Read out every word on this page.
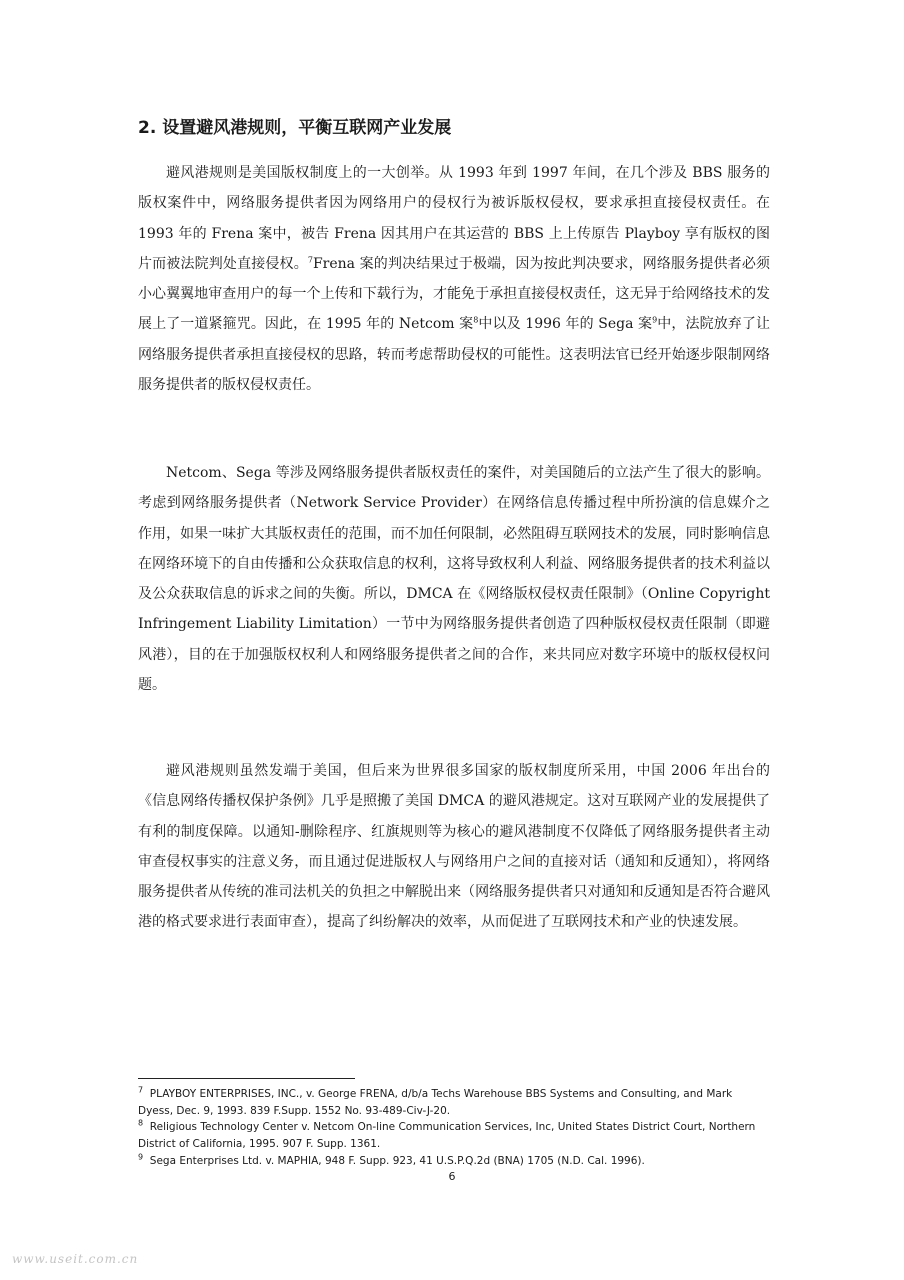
2. 设置避风港规则，平衡互联网产业发展

避风港规则是美国版权制度上的一大创举。从 1993 年到 1997 年间，在几个涉及 BBS 服务的版权案件中，网络服务提供者因为网络用户的侵权行为被诉版权侵权，要求承担直接侵权责任。在 1993 年的 Frena 案中，被告 Frena 因其用户在其运营的 BBS 上上传原告 Playboy 享有版权的图片而被法院判处直接侵权。$^7$Frena 案的判决结果过于极端，因为按此判决要求，网络服务提供者必须小心翼翼地审查用户的每一个上传和下载行为，才能免于承担直接侵权责任，这无异于给网络技术的发展上了一道紧箍咒。因此，在 1995 年的 Netcom 案$^8$中以及 1996 年的 Sega 案$^9$中，法院放弃了让网络服务提供者承担直接侵权的思路，转而考虑帮助侵权的可能性。这表明法官已经开始逐步限制网络服务提供者的版权侵权责任。

Netcom、Sega 等涉及网络服务提供者版权责任的案件，对美国随后的立法产生了很大的影响。考虑到网络服务提供者（Network Service Provider）在网络信息传播过程中所扮演的信息媒介之作用，如果一味扩大其版权责任的范围，而不加任何限制，必然阻碍互联网技术的发展，同时影响信息在网络环境下的自由传播和公众获取信息的权利，这将导致权利人利益、网络服务提供者的技术利益以及公众获取信息的诉求之间的失衡。所以，DMCA 在《网络版权侵权责任限制》（Online Copyright Infringement Liability Limitation）一节中为网络服务提供者创造了四种版权侵权责任限制（即避风港），目的在于加强版权权利人和网络服务提供者之间的合作，来共同应对数字环境中的版权侵权问题。

避风港规则虽然发端于美国，但后来为世界很多国家的版权制度所采用，中国 2006 年出台的《信息网络传播权保护条例》几乎是照搬了美国 DMCA 的避风港规定。这对互联网产业的发展提供了有利的制度保障。以通知-删除程序、红旗规则等为核心的避风港制度不仅降低了网络服务提供者主动审查侵权事实的注意义务，而且通过促进版权人与网络用户之间的直接对话（通知和反通知），将网络服务提供者从传统的准司法机关的负担之中解脱出来（网络服务提供者只对通知和反通知是否符合避风港的格式要求进行表面审查），提高了纠纷解决的效率，从而促进了互联网技术和产业的快速发展。

$^7$ PLAYBOY ENTERPRISES, INC., v. George FRENA, d/b/a Techs Warehouse BBS Systems and Consulting, and Mark Dyess, Dec. 9, 1993. 839 F.Supp. 1552 No. 93-489-Civ-J-20.

$^8$ Religious Technology Center v. Netcom On-line Communication Services, Inc, United States District Court, Northern District of California, 1995. 907 F. Supp. 1361.

$^9$ Sega Enterprises Ltd. v. MAPHIA, 948 F. Supp. 923, 41 U.S.P.Q.2d (BNA) 1705 (N.D. Cal. 1996).

6
www.useit.com.cn
